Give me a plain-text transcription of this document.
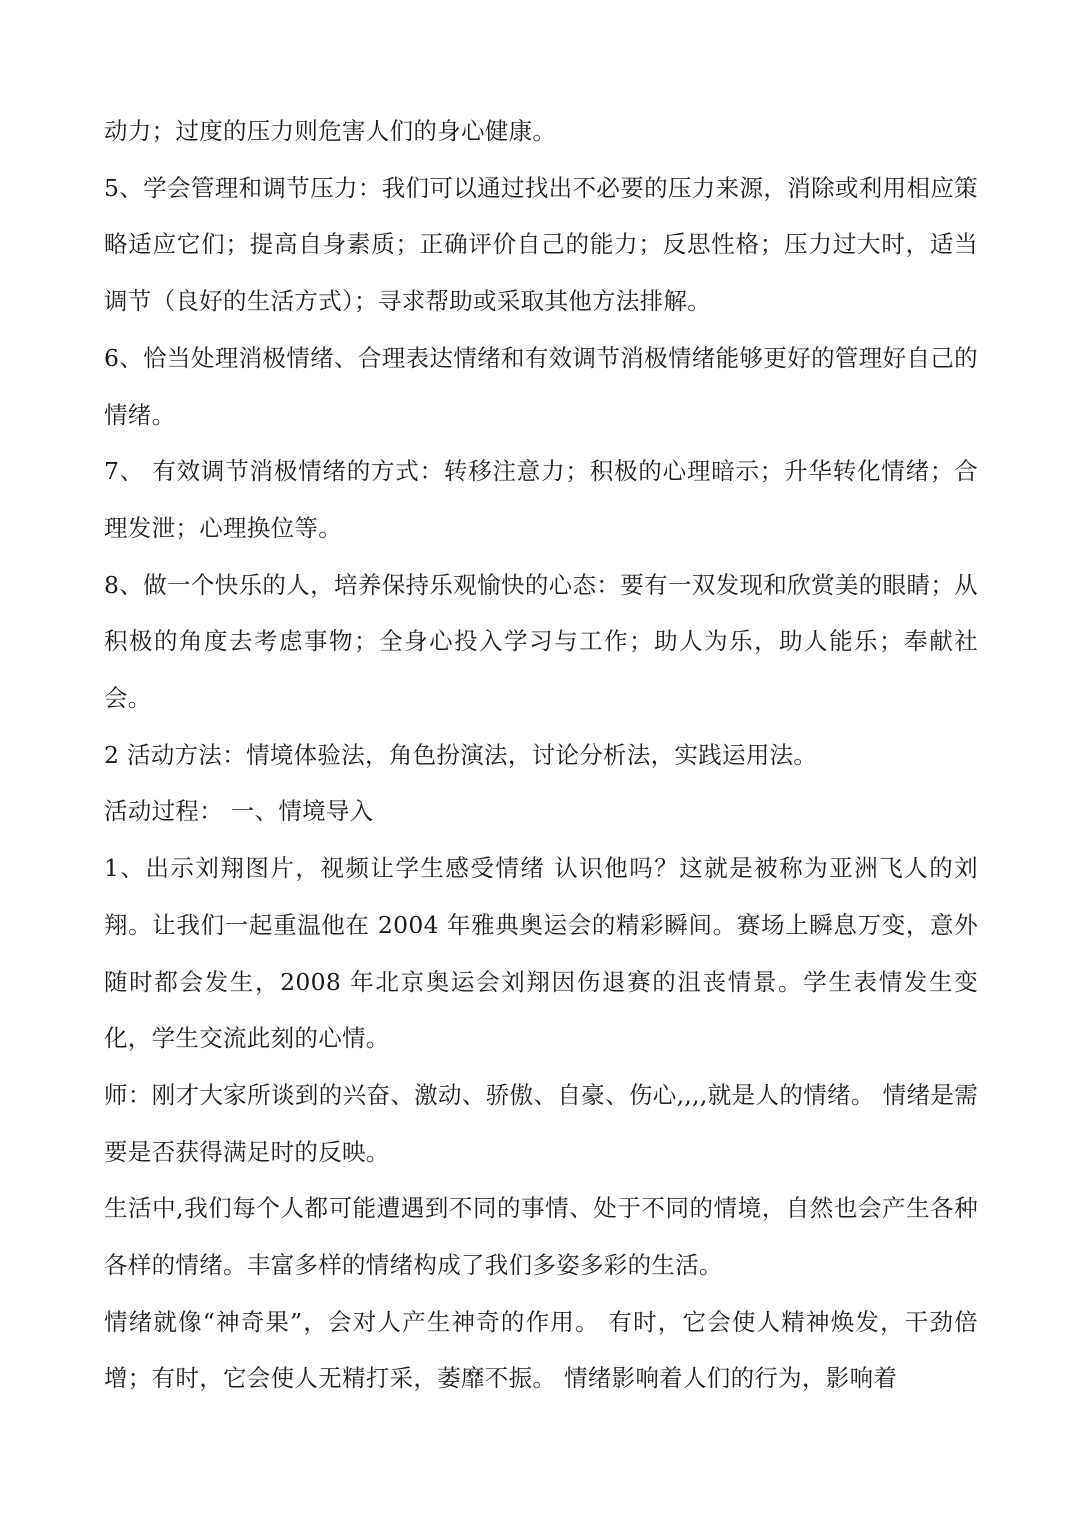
动力；过度的压力则危害人们的身心健康。

5、学会管理和调节压力：我们可以通过找出不必要的压力来源，消除或利用相应策略适应它们；提高自身素质；正确评价自己的能力；反思性格；压力过大时，适当调节（良好的生活方式）；寻求帮助或采取其他方法排解。

6、恰当处理消极情绪、合理表达情绪和有效调节消极情绪能够更好的管理好自己的情绪。

7、 有效调节消极情绪的方式：转移注意力；积极的心理暗示；升华转化情绪；合理发泄；心理换位等。

8、做一个快乐的人，培养保持乐观愉快的心态：要有一双发现和欣赏美的眼睛；从积极的角度去考虑事物；全身心投入学习与工作；助人为乐，助人能乐；奉献社会。

2 活动方法：情境体验法，角色扮演法，讨论分析法，实践运用法。

活动过程： 一、情境导入

1、出示刘翔图片，视频让学生感受情绪 认识他吗？这就是被称为亚洲飞人的刘翔。让我们一起重温他在 2004 年雅典奥运会的精彩瞬间。赛场上瞬息万变，意外随时都会发生，2008 年北京奥运会刘翔因伤退赛的沮丧情景。学生表情发生变化，学生交流此刻的心情。

师：刚才大家所谈到的兴奋、激动、骄傲、自豪、伤心,,,,就是人的情绪。 情绪是需要是否获得满足时的反映。

生活中,我们每个人都可能遭遇到不同的事情、处于不同的情境，自然也会产生各种各样的情绪。丰富多样的情绪构成了我们多姿多彩的生活。

情绪就像“神奇果”，会对人产生神奇的作用。 有时，它会使人精神焕发，干劲倍增；有时，它会使人无精打采，萎靡不振。 情绪影响着人们的行为，影响着
